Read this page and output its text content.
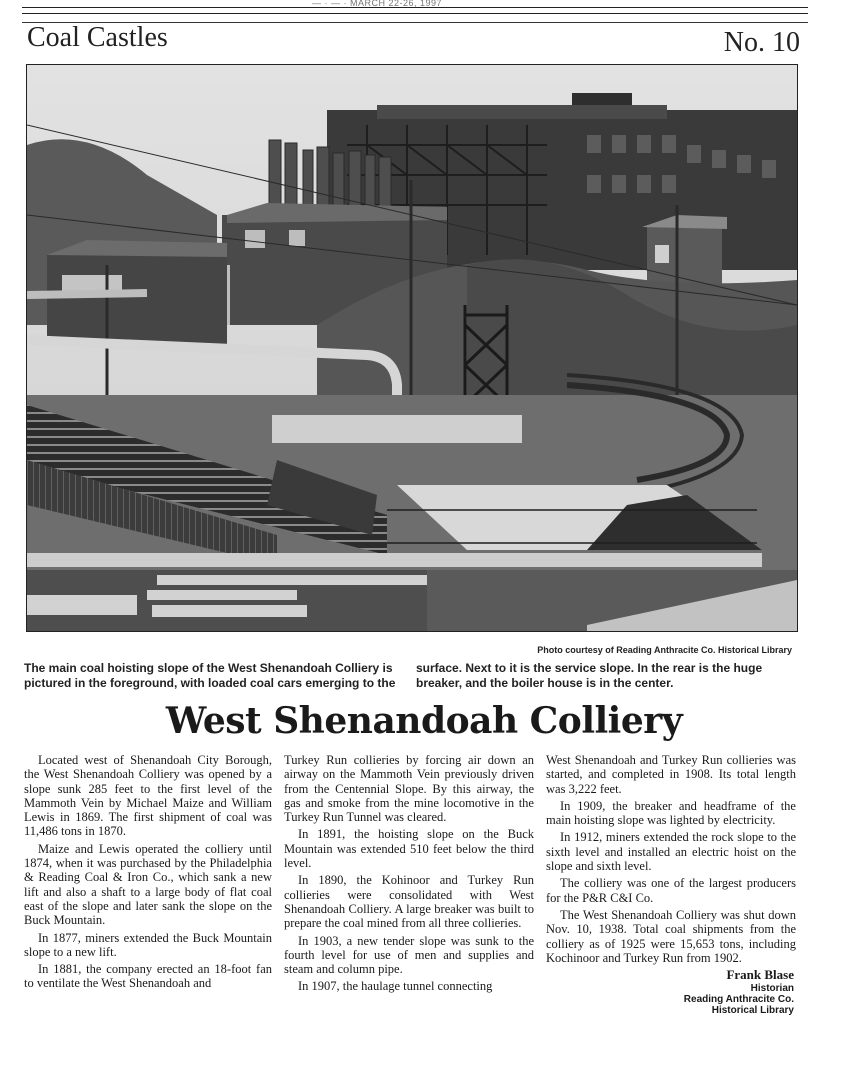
— · — · MARCH 22-26, 1997
Coal Castles	No. 10
Photo courtesy of Reading Anthracite Co. Historical Library
The main coal hoisting slope of the West Shenandoah Colliery is pictured in the foreground, with loaded coal cars emerging to the
surface. Next to it is the service slope. In the rear is the huge breaker, and the boiler house is in the center.
West Shenandoah Colliery

Located west of Shenandoah City Borough, the West Shenandoah Colliery was opened by a slope sunk 285 feet to the first level of the Mammoth Vein by Michael Maize and William Lewis in 1869. The first shipment of coal was 11,486 tons in 1870.

Maize and Lewis operated the colliery until 1874, when it was purchased by the Philadelphia & Reading Coal & Iron Co., which sank a new lift and also a shaft to a large body of flat coal east of the slope and later sank the slope on the Buck Mountain.

In 1877, miners extended the Buck Mountain slope to a new lift.

In 1881, the company erected an 18-foot fan to ventilate the West Shenandoah and

Turkey Run collieries by forcing air down an airway on the Mammoth Vein previously driven from the Centennial Slope. By this airway, the gas and smoke from the mine locomotive in the Turkey Run Tunnel was cleared.

In 1891, the hoisting slope on the Buck Mountain was extended 510 feet below the third level.

In 1890, the Kohinoor and Turkey Run collieries were consolidated with West Shenandoah Colliery. A large breaker was built to prepare the coal mined from all three collieries.

In 1903, a new tender slope was sunk to the fourth level for use of men and supplies and steam and column pipe.

In 1907, the haulage tunnel connecting

West Shenandoah and Turkey Run collieries was started, and completed in 1908. Its total length was 3,222 feet.

In 1909, the breaker and headframe of the main hoisting slope was lighted by electricity.

In 1912, miners extended the rock slope to the sixth level and installed an electric hoist on the slope and sixth level.

The colliery was one of the largest producers for the P&R C&I Co.

The West Shenandoah Colliery was shut down Nov. 10, 1938. Total coal shipments from the colliery as of 1925 were 15,653 tons, including Kochinoor and Turkey Run from 1902.

Frank Blase
Historian
Reading Anthracite Co.
Historical Library
